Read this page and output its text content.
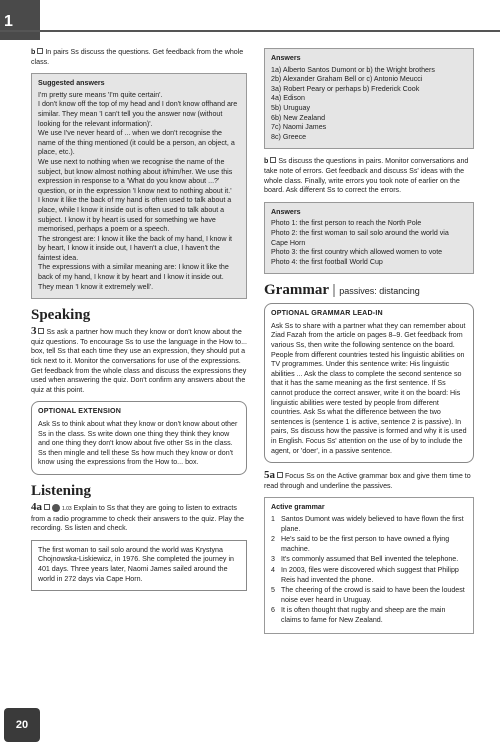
1

b In pairs Ss discuss the questions. Get feedback from the whole class.

Suggested answers

I'm pretty sure means 'I'm quite certain'.

I don't know off the top of my head and I don't know offhand are similar. They mean 'I can't tell you the answer now (without looking for the relevant information)'.

We use I've never heard of ... when we don't recognise the name of the thing mentioned (it could be a person, an object, a place, etc.).

We use next to nothing when we recognise the name of the subject, but know almost nothing about it/him/her. We use this expression in response to a 'What do you know about ...?' question, or in the expression 'I know next to nothing about it.'

I know it like the back of my hand is often used to talk about a place, while I know it inside out is often used to talk about a subject. I know it by heart is used for something we have memorised, perhaps a poem or a speech.

The strongest are: I know it like the back of my hand, I know it by heart, I know it inside out, I haven't a clue, I haven't the faintest idea.

The expressions with a similar meaning are: I know it like the back of my hand, I know it by heart and I know it inside out. They mean 'I know it extremely well'.

Speaking

3 Ss ask a partner how much they know or don't know about the quiz questions. To encourage Ss to use the language in the How to... box, tell Ss that each time they use an expression, they should put a tick next to it. Monitor the conversations for use of the expressions. Get feedback from the whole class and discuss the expressions they used when answering the quiz. Don't confirm any answers about the quiz at this point.

OPTIONAL EXTENSION

Ask Ss to think about what they know or don't know about other Ss in the class. Ss write down one thing they think they know and one thing they don't know about five other Ss in the class. Ss then mingle and tell these Ss how much they know or don't know using the expressions from the How to... box.

Listening

4a	1.03 Explain to Ss that they are going to listen to extracts from a radio programme to check their answers to the quiz. Play the recording. Ss listen and check.

The first woman to sail solo around the world was Krystyna Chojnowska-Liskiewicz, in 1976. She completed the journey in 401 days. Three years later, Naomi James sailed around the world in 272 days via Cape Horn.

Answers

1a) Alberto Santos Dumont or b) the Wright brothers

2b) Alexander Graham Bell or c) Antonio Meucci

3a) Robert Peary or perhaps b) Frederick Cook

4a) Edison

5b) Uruguay

6b) New Zealand

7c) Naomi James

8c) Greece

b Ss discuss the questions in pairs. Monitor conversations and take note of errors. Get feedback and discuss Ss' ideas with the whole class. Finally, write errors you took note of earlier on the board. Ask different Ss to correct the errors.

Answers

Photo 1: the first person to reach the North Pole

Photo 2: the first woman to sail solo around the world via Cape Horn

Photo 3: the first country which allowed women to vote

Photo 4: the first football World Cup

Grammar | passives: distancing
OPTIONAL GRAMMAR LEAD-IN

Ask Ss to share with a partner what they can remember about Ziad Fazah from the article on pages 8–9. Get feedback from various Ss, then write the following sentence on the board. People from different countries tested his linguistic abilities on TV programmes. Under this sentence write: His linguistic abilities ... Ask the class to complete the second sentence so that it has the same meaning as the first sentence. If Ss cannot produce the correct answer, write it on the board: His linguistic abilities were tested by people from different countries. Ask Ss what the difference between the two sentences is (sentence 1 is active, sentence 2 is passive). In pairs, Ss discuss how the passive is formed and why it is used in English. Focus Ss' attention on the use of by to include the agent, or 'doer', in a passive sentence.

5a Focus Ss on the Active grammar box and give them time to read through and underline the passives.

Active grammar
1 Santos Dumont was widely believed to have flown the first plane.
2 He's said to be the first person to have owned a flying machine.
3 It's commonly assumed that Bell invented the telephone.
4 In 2003, files were discovered which suggest that Philipp Reis had invented the phone.
5 The cheering of the crowd is said to have been the loudest noise ever heard in Uruguay.
6 It is often thought that rugby and sheep are the main claims to fame for New Zealand.
20
